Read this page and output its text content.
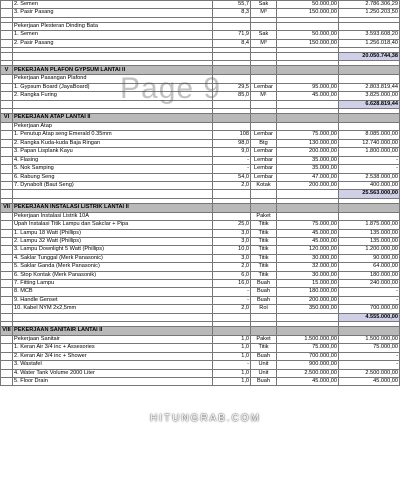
	2. Semen	55,7	Sak	50.000,00	2.786.306,29
	3. Pasir Pasang	8,3	M³	150.000,00	1.250.203,50

	Pekerjaan Plesteran Dinding Bata				
	1. Semen	71,9	Sak	50.000,00	3.593.608,20
	2. Pasir Pasang	8,4	M³	150.000,00	1.256.018,40

					20.050.744,38

V	PEKERJAAN PLAFON GYPSUM LANTAI II				
	Pekerjaan Pasangan Plafond				
	1. Gypsum Board (JayaBoard)	29,5	Lembar	95.000,00	2.803.819,44
	2. Rangka Furing	85,0	M¹	45.000,00	3.825.000,00
					6.628.819,44

VI	PEKERJAAN ATAP LANTAI II				
	Pekerjaan Atap				
	1. Penutup Atap seng Emerald 0.35mm	108	Lembar	75.000,00	8.085.000,00
	2. Rangka Kuda-kuda Baja Ringan	98,0	Btg	130.000,00	12.740.000,00
	3. Papan Lisplank Kayu	9,0	Lembar	200.000,00	1.800.000,00
	4. Flasing	-	Lembar	35.000,00	-
	5. Nok Samping	-	Lembar	35.000,00	-
	6. Rabung Seng	54,0	Lembar	47.000,00	2.538.000,00
	7. Dynabolt (Baut Seng)	2,0	Kotak	200.000,00	400.000,00
					25.563.000,00

VII	PEKERJAAN INSTALASI LISTRIK LANTAI II				
	Pekerjaan Instalasi Listrik 10A		Paket		
	Upah Instalasi Titik Lampu dan Sakclar + Pipa	25,0	Titik	75.000,00	1.875.000,00
	1. Lampu 18 Watt (Phillips)	3,0	Titik	45.000,00	135.000,00
	2. Lampu 32 Watt (Phillips)	3,0	Titik	45.000,00	135.000,00
	3. Lampu Downlight 5 Watt (Phillips)	10,0	Titik	120.000,00	1.200.000,00
	4. Saklar Tunggal (Merk Panasonic)	3,0	Titik	30.000,00	90.000,00
	5. Saklar Ganda (Merk Panasonic)	2,0	Titik	32.000,00	64.000,00
	6. Stop Kontak (Merk Panasonik)	6,0	Titik	30.000,00	180.000,00
	7. Fitting Lampu	16,0	Buah	15.000,00	240.000,00
	8. MCB	-	Buah	180.000,00	-
	9. Handle Genset	-	Buah	200.000,00	-
	10. Kabel NYM 2x2,5mm	2,0	Rol	350.000,00	700.000,00
					4.555.000,00

VIII	PEKERJAAN SANITAIR LANTAI II				
	Pekerjaan Sanitair	1,0	Paket	1.500.000,00	1.500.000,00
	1. Keran Air 3/4 inc + Assesories	1,0	Titik	75.000,00	75.000,00
	2. Keran Air 3/4 inc + Shower	1,0	Buah	700.000,00	-
	3. Wastafel	-	Unit	900.000,00	-
	4. Water Tank Volume 2000 Liter	1,0	Unit	2.500.000,00	2.500.000,00
	5. Floor Drain	1,0	Buah	45.000,00	45.000,00
Page 9
HITUNGRAB.COM
